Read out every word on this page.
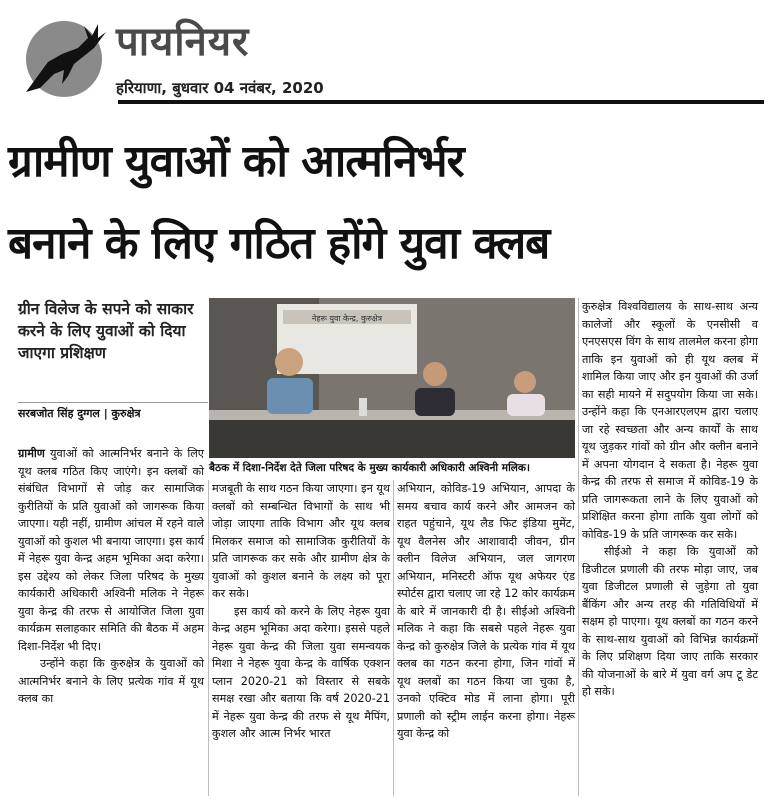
पायनियर
हरियाणा, बुधवार 04 नवंबर, 2020
ग्रामीण युवाओं को आत्मनिर्भर
बनाने के लिए गठित होंगे युवा क्लब
ग्रीन विलेज के सपने को साकार करने के लिए युवाओं को दिया जाएगा प्रशिक्षण
सरबजोत सिंह दुग्गल | कुरुक्षेत्र

ग्रामीण युवाओं को आत्मनिर्भर बनाने के लिए यूथ क्लब गठित किए जाएंगे। इन क्लबों को संबंधित विभागों से जोड़ कर सामाजिक कुरीतियों के प्रति युवाओं को जागरूक किया जाएगा। यही नहीं, ग्रामीण आंचल में रहने वाले युवाओं को कुशल भी बनाया जाएगा। इस कार्य में नेहरू युवा केन्द्र अहम भूमिका अदा करेगा। इस उद्देश्य को लेकर जिला परिषद के मुख्य कार्यकारी अधिकारी अश्विनी मलिक ने नेहरू युवा केन्द्र की तरफ से आयोजित जिला युवा कार्यक्रम सलाहकार समिति की बैठक में अहम दिशा-निर्देश भी दिए।

उन्होंने कहा कि कुरुक्षेत्र के युवाओं को आत्मनिर्भर बनाने के लिए प्रत्येक गांव में यूथ क्लब का

नेहरू युवा केन्द्र, कुरुक्षेत्र
बैठक में दिशा-निर्देश देते जिला परिषद के मुख्य कार्यकारी अधिकारी अश्विनी मलिक।

मजबूती के साथ गठन किया जाएगा। इन यूथ क्लबों को सम्बन्धित विभागों के साथ भी जोड़ा जाएगा ताकि विभाग और यूथ क्लब मिलकर समाज को सामाजिक कुरीतियों के प्रति जागरूक कर सके और ग्रामीण क्षेत्र के युवाओं को कुशल बनाने के लक्ष्य को पूरा कर सके।

इस कार्य को करने के लिए नेहरू युवा केन्द्र अहम भूमिका अदा करेगा। इससे पहले नेहरू युवा केन्द्र की जिला युवा समन्वयक मिशा ने नेहरू युवा केन्द्र के वार्षिक एक्शन प्लान 2020-21 को विस्तार से सबके समक्ष रखा और बताया कि वर्ष 2020-21 में नेहरू युवा केन्द्र की तरफ से यूथ मैपिंग, कुशल और आत्म निर्भर भारत

अभियान, कोविड-19 अभियान, आपदा के समय बचाव कार्य करने और आमजन को राहत पहुंचाने, यूथ लैड फिट इंडिया मुमेंट, यूथ वैलनेस और आशावादी जीवन, ग्रीन क्लीन विलेज अभियान, जल जागरण अभियान, मनिस्टरी ऑफ यूथ अफेयर एंड स्पोर्टस द्वारा चलाए जा रहे 12 कोर कार्यक्रम के बारे में जानकारी दी है। सीईओ अश्विनी मलिक ने कहा कि सबसे पहले नेहरू युवा केन्द्र को कुरुक्षेत्र जिले के प्रत्येक गांव में यूथ क्लब का गठन करना होगा, जिन गांवों में यूथ क्लबों का गठन किया जा चुका है, उनको एक्टिव मोड में लाना होगा। पूरी प्रणाली को स्ट्रीम लाईन करना होगा। नेहरू युवा केन्द्र को

कुरुक्षेत्र विश्वविद्यालय के साथ-साथ अन्य कालेजों और स्कूलों के एनसीसी व एनएसएस विंग के साथ तालमेल करना होगा ताकि इन युवाओं को ही यूथ क्लब में शामिल किया जाए और इन युवाओं की उर्जा का सही मायने में सदुपयोग किया जा सके। उन्होंने कहा कि एनआरएलएम द्वारा चलाए जा रहे स्वच्छता और अन्य कार्यों के साथ यूथ जुड़कर गांवों को ग्रीन और क्लीन बनाने में अपना योगदान दे सकता है। नेहरू युवा केन्द्र की तरफ से समाज में कोविड-19 के प्रति जागरूकता लाने के लिए युवाओं को प्रशिक्षित करना होगा ताकि युवा लोगों को कोविड-19 के प्रति जागरूक कर सके।

सीईओ ने कहा कि युवाओं को डिजीटल प्रणाली की तरफ मोड़ा जाए, जब युवा डिजीटल प्रणाली से जुड़ेगा तो युवा बैंकिंग और अन्य तरह की गतिविधियों में सक्षम हो पाएगा। यूथ क्लबों का गठन करने के साथ-साथ युवाओं को विभिन्न कार्यक्रमों के लिए प्रशिक्षण दिया जाए ताकि सरकार की योजनाओं के बारे में युवा वर्ग अप टू डेट हो सके।
